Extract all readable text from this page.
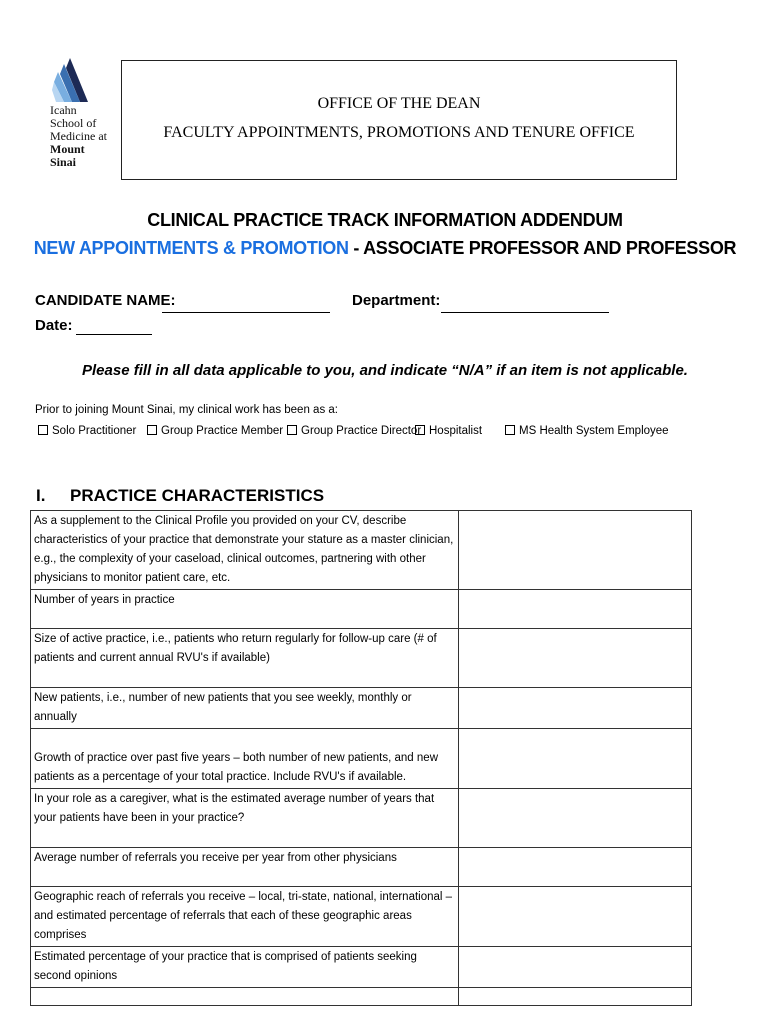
Icahn
School of
Medicine at
Mount
Sinai
OFFICE OF THE DEAN
FACULTY APPOINTMENTS, PROMOTIONS AND TENURE OFFICE
CLINICAL PRACTICE TRACK INFORMATION ADDENDUM
NEW APPOINTMENTS & PROMOTION - ASSOCIATE PROFESSOR AND PROFESSOR
CANDIDATE NAME:	Department:
Date:
Please fill in all data applicable to you, and indicate “N/A” if an item is not applicable.
Prior to joining Mount Sinai, my clinical work has been as a:
Solo Practitioner	Group Practice Member	Group Practice Director Hospitalist	MS Health System Employee
I. PRACTICE CHARACTERISTICS
As a supplement to the Clinical Profile you provided on your CV, describe characteristics of your practice that demonstrate your stature as a master clinician, e.g., the complexity of your caseload, clinical outcomes, partnering with other physicians to monitor patient care, etc.	
Number of years in practice	
Size of active practice, i.e., patients who return regularly for follow-up care (# of patients and current annual RVU's if available)	
New patients, i.e., number of new patients that you see weekly, monthly or annually	
Growth of practice over past five years – both number of new patients, and new patients as a percentage of your total practice. Include RVU's if available.	
In your role as a caregiver, what is the estimated average number of years that your patients have been in your practice?	
Average number of referrals you receive per year from other physicians	
Geographic reach of referrals you receive – local, tri-state, national, international – and estimated percentage of referrals that each of these geographic areas comprises	
Estimated percentage of your practice that is comprised of patients seeking second opinions	
